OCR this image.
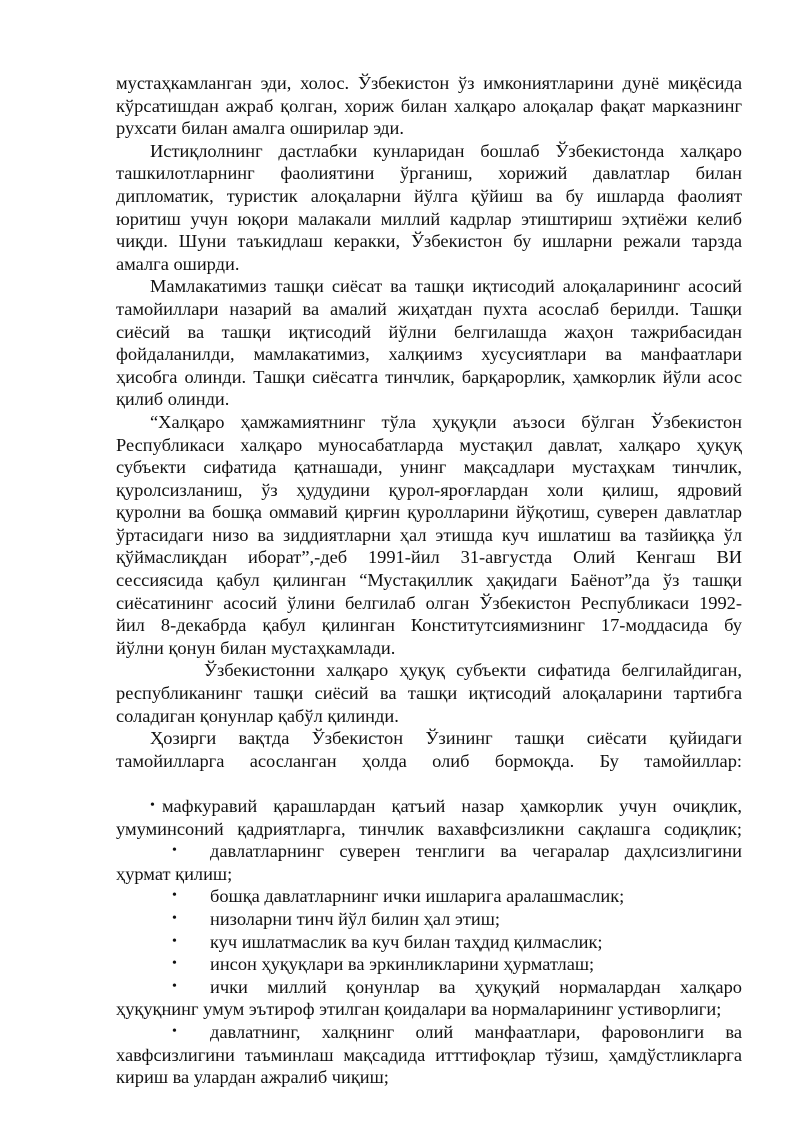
мустаҳкамланган эди, холос. Ўзбекистон ўз имкониятларини дунё миқёсида
кўрсатишдан ажраб қолган, хориж билан халқаро алоқалар фақат марказнинг
рухсати билан амалга оширилар эди.
Истиқлолнинг дастлабки кунларидан бошлаб Ўзбекистонда халқаро
ташкилотларнинг фаолиятини ўрганиш, хорижий давлатлар билан
дипломатик, туристик алоқаларни йўлга қўйиш ва бу ишларда фаолият
юритиш учун юқори малакали миллий кадрлар этиштириш эҳтиёжи келиб
чиқди. Шуни таъкидлаш керакки, Ўзбекистон бу ишларни режали тарзда
амалга оширди.
Мамлакатимиз ташқи сиёсат ва ташқи иқтисодий алоқаларининг асосий
тамойиллари назарий ва амалий жиҳатдан пухта асослаб берилди. Ташқи
сиёсий ва ташқи иқтисодий йўлни белгилашда жаҳон тажрибасидан
фойдаланилди, мамлакатимиз, халқиимз хусусиятлари ва манфаатлари
ҳисобга олинди. Ташқи сиёсатга тинчлик, барқарорлик, ҳамкорлик йўли асос
қилиб олинди.
“Халқаро ҳамжамиятнинг тўла ҳуқуқли аъзоси бўлган Ўзбекистон
Республикаси халқаро муносабатларда мустақил давлат, халқаро ҳуқуқ
субъекти сифатида қатнашади, унинг мақсадлари мустаҳкам тинчлик,
қуролсизланиш, ўз ҳудудини қурол-яроғлардан холи қилиш, ядровий
қуролни ва бошқа оммавий қирғин қуролларини йўқотиш, суверен давлатлар
ўртасидаги низо ва зиддиятларни ҳал этишда куч ишлатиш ва тазйиққа ўл
қўймаслиқдан иборат”,-деб 1991-йил 31-августда Олий Кенгаш ВИ
сессиясида қабул қилинган “Мустақиллик ҳақидаги Баёнот”да ўз ташқи
сиёсатининг асосий ўлини белгилаб олган Ўзбекистон Республикаси 1992-
йил 8-декабрда қабул қилинган Конститутсиямизнинг 17-моддасида бу
йўлни қонун билан мустаҳкамлади.
Ўзбекистонни халқаро ҳуқуқ субъекти сифатида белгилайдиган,
республиканинг ташқи сиёсий ва ташқи иқтисодий алоқаларини тартибга
соладиган қонунлар қабўл қилинди.
Ҳозирги вақтда Ўзбекистон Ўзининг ташқи сиёсати қуйидаги
тамойилларга асосланган ҳолда олиб бормоқда. Бу тамойиллар:
• мафкуравий қарашлардан қатъий назар ҳамкорлик учун очиқлик,
умуминсоний қадриятларга, тинчлик вахавфсизликни сақлашга содиқлик;
• давлатларнинг суверен тенглиги ва чегаралар даҳлсизлигини
ҳурмат қилиш;
• бошқа давлатларнинг ички ишларига аралашмаслик;
• низоларни тинч йўл билин ҳал этиш;
• куч ишлатмаслик ва куч билан таҳдид қилмаслик;
• инсон ҳуқуқлари ва эркинликларини ҳурматлаш;
• ички миллий қонунлар ва ҳуқуқий нормалардан халқаро
ҳуқуқнинг умум эътироф этилган қоидалари ва нормаларининг устиворлиги;
• давлатнинг, халқнинг олий манфаатлари, фаровонлиги ва
хавфсизлигини таъминлаш мақсадида итттифоқлар тўзиш, ҳамдўстликларга
кириш ва улардан ажралиб чиқиш;
